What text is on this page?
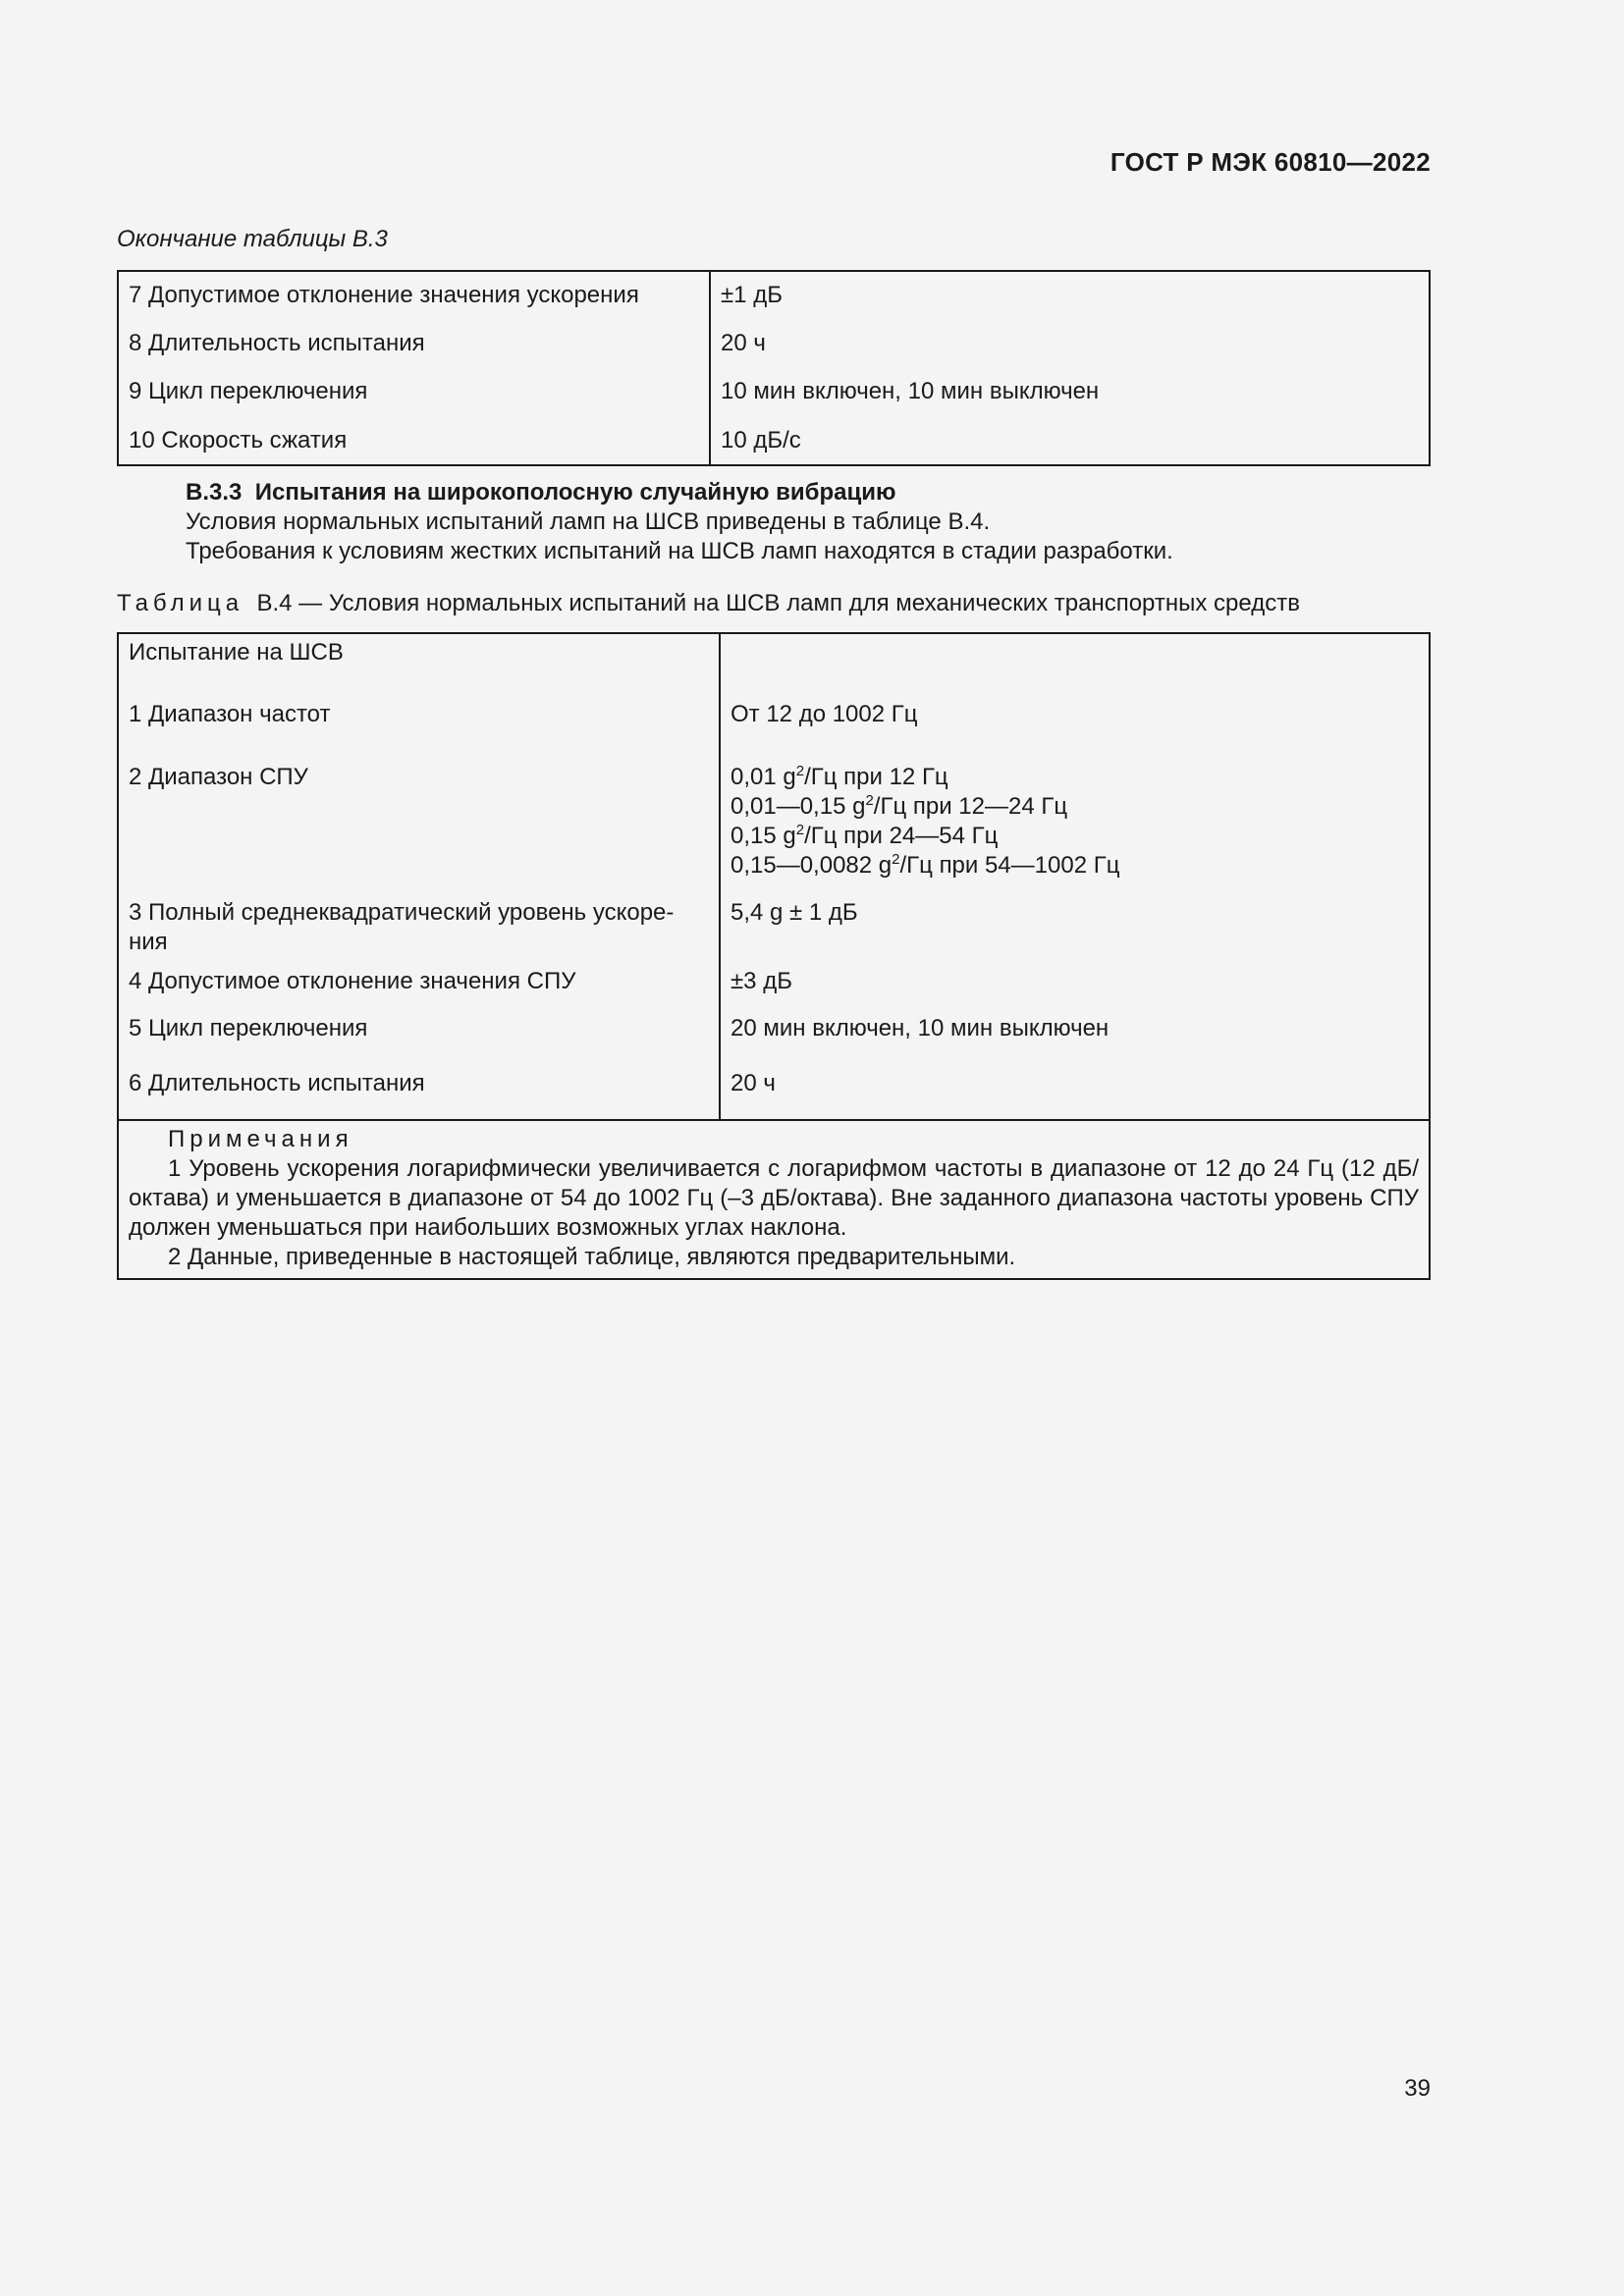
ГОСТ Р МЭК 60810—2022
Окончание таблицы В.3
7 Допустимое отклонение значения ускорения	±1 дБ
8 Длительность испытания	20 ч
9 Цикл переключения	10 мин включен, 10 мин выключен
10 Скорость сжатия	10 дБ/с
В.3.3 Испытания на широкополосную случайную вибрацию
Условия нормальных испытаний ламп на ШСВ приведены в таблице В.4.
Требования к условиям жестких испытаний на ШСВ ламп находятся в стадии разработки.
Таблица В.4 — Условия нормальных испытаний на ШСВ ламп для механических транспортных средств
Испытание на ШСВ	
1 Диапазон частот	От 12 до 1002 Гц
2 Диапазон СПУ	0,01 $g^2/Гц$ при 12 Гц
0,01—0,15 $g^2/Гц$ при 12—24 Гц
0,15 $g^2/Гц$ при 24—54 Гц
0,15—0,0082 $g^2/Гц$ при 54—1002 Гц

3 Полный среднеквадратический уровень ускоре-
ния	5,4 g ± 1 дБ
4 Допустимое отклонение значения СПУ	±3 дБ
5 Цикл переключения	20 мин включен, 10 мин выключен
6 Длительность испытания	20 ч

Примечания

1 Уровень ускорения логарифмически увеличивается с логарифмом частоты в диапазоне от 12 до 24 Гц (12 дБ/октава) и уменьшается в диапазоне от 54 до 1002 Гц (–3 дБ/октава). Вне заданного диапазона частоты уровень СПУ должен уменьшаться при наибольших возможных углах наклона.

2 Данные, приведенные в настоящей таблице, являются предварительными.	

39
